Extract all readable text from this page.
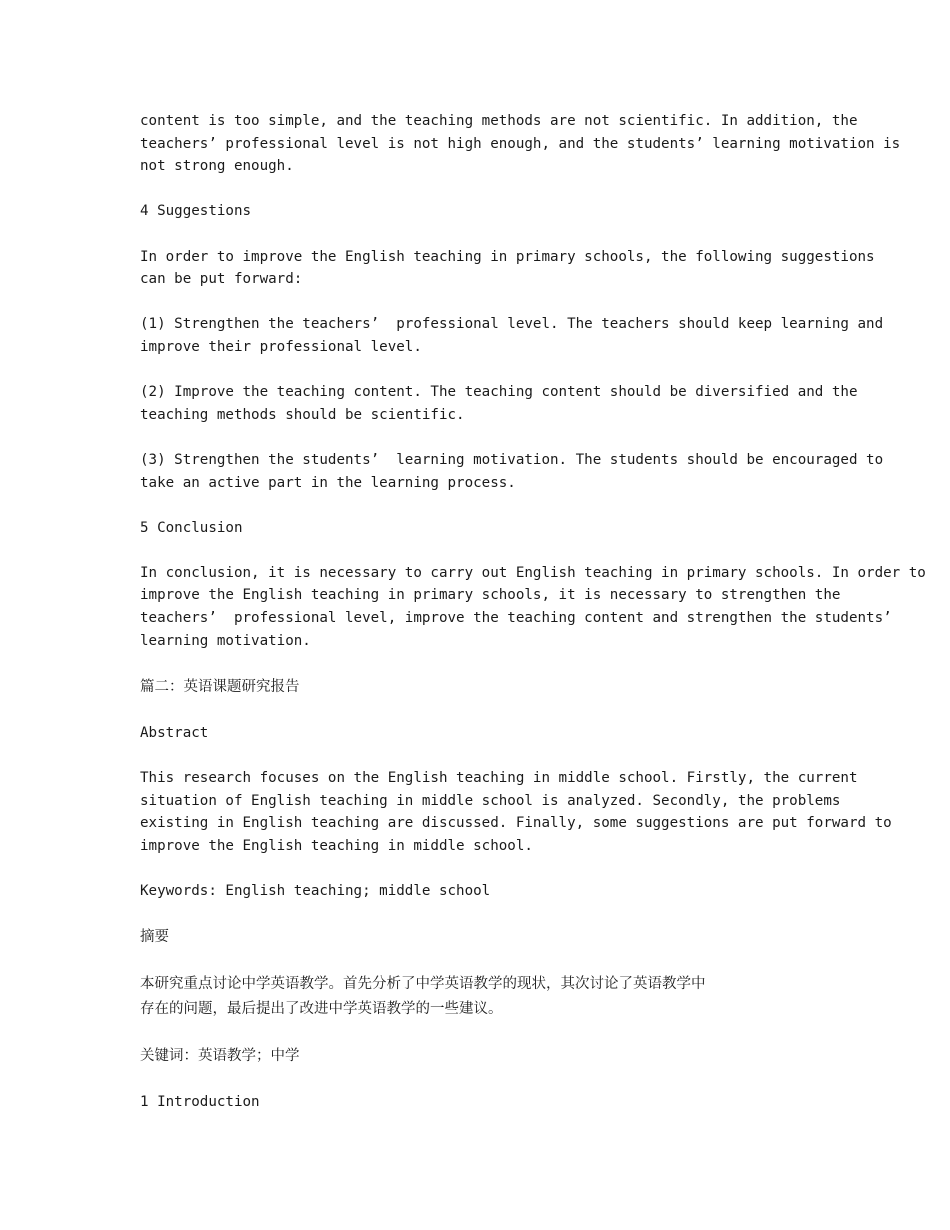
content is too simple, and the teaching methods are not scientific. In addition, the
teachers’ professional level is not high enough, and the students’ learning motivation is
not strong enough.

4 Suggestions

In order to improve the English teaching in primary schools, the following suggestions
can be put forward:

(1) Strengthen the teachers’  professional level. The teachers should keep learning and
improve their professional level.

(2) Improve the teaching content. The teaching content should be diversified and the
teaching methods should be scientific.

(3) Strengthen the students’  learning motivation. The students should be encouraged to
take an active part in the learning process.

5 Conclusion

In conclusion, it is necessary to carry out English teaching in primary schools. In order to
improve the English teaching in primary schools, it is necessary to strengthen the
teachers’  professional level, improve the teaching content and strengthen the students’
learning motivation.

篇二：英语课题研究报告

Abstract

This research focuses on the English teaching in middle school. Firstly, the current
situation of English teaching in middle school is analyzed. Secondly, the problems
existing in English teaching are discussed. Finally, some suggestions are put forward to
improve the English teaching in middle school.

Keywords: English teaching; middle school

摘要

本研究重点讨论中学英语教学。首先分析了中学英语教学的现状，其次讨论了英语教学中
存在的问题，最后提出了改进中学英语教学的一些建议。

关键词：英语教学；中学

1 Introduction
